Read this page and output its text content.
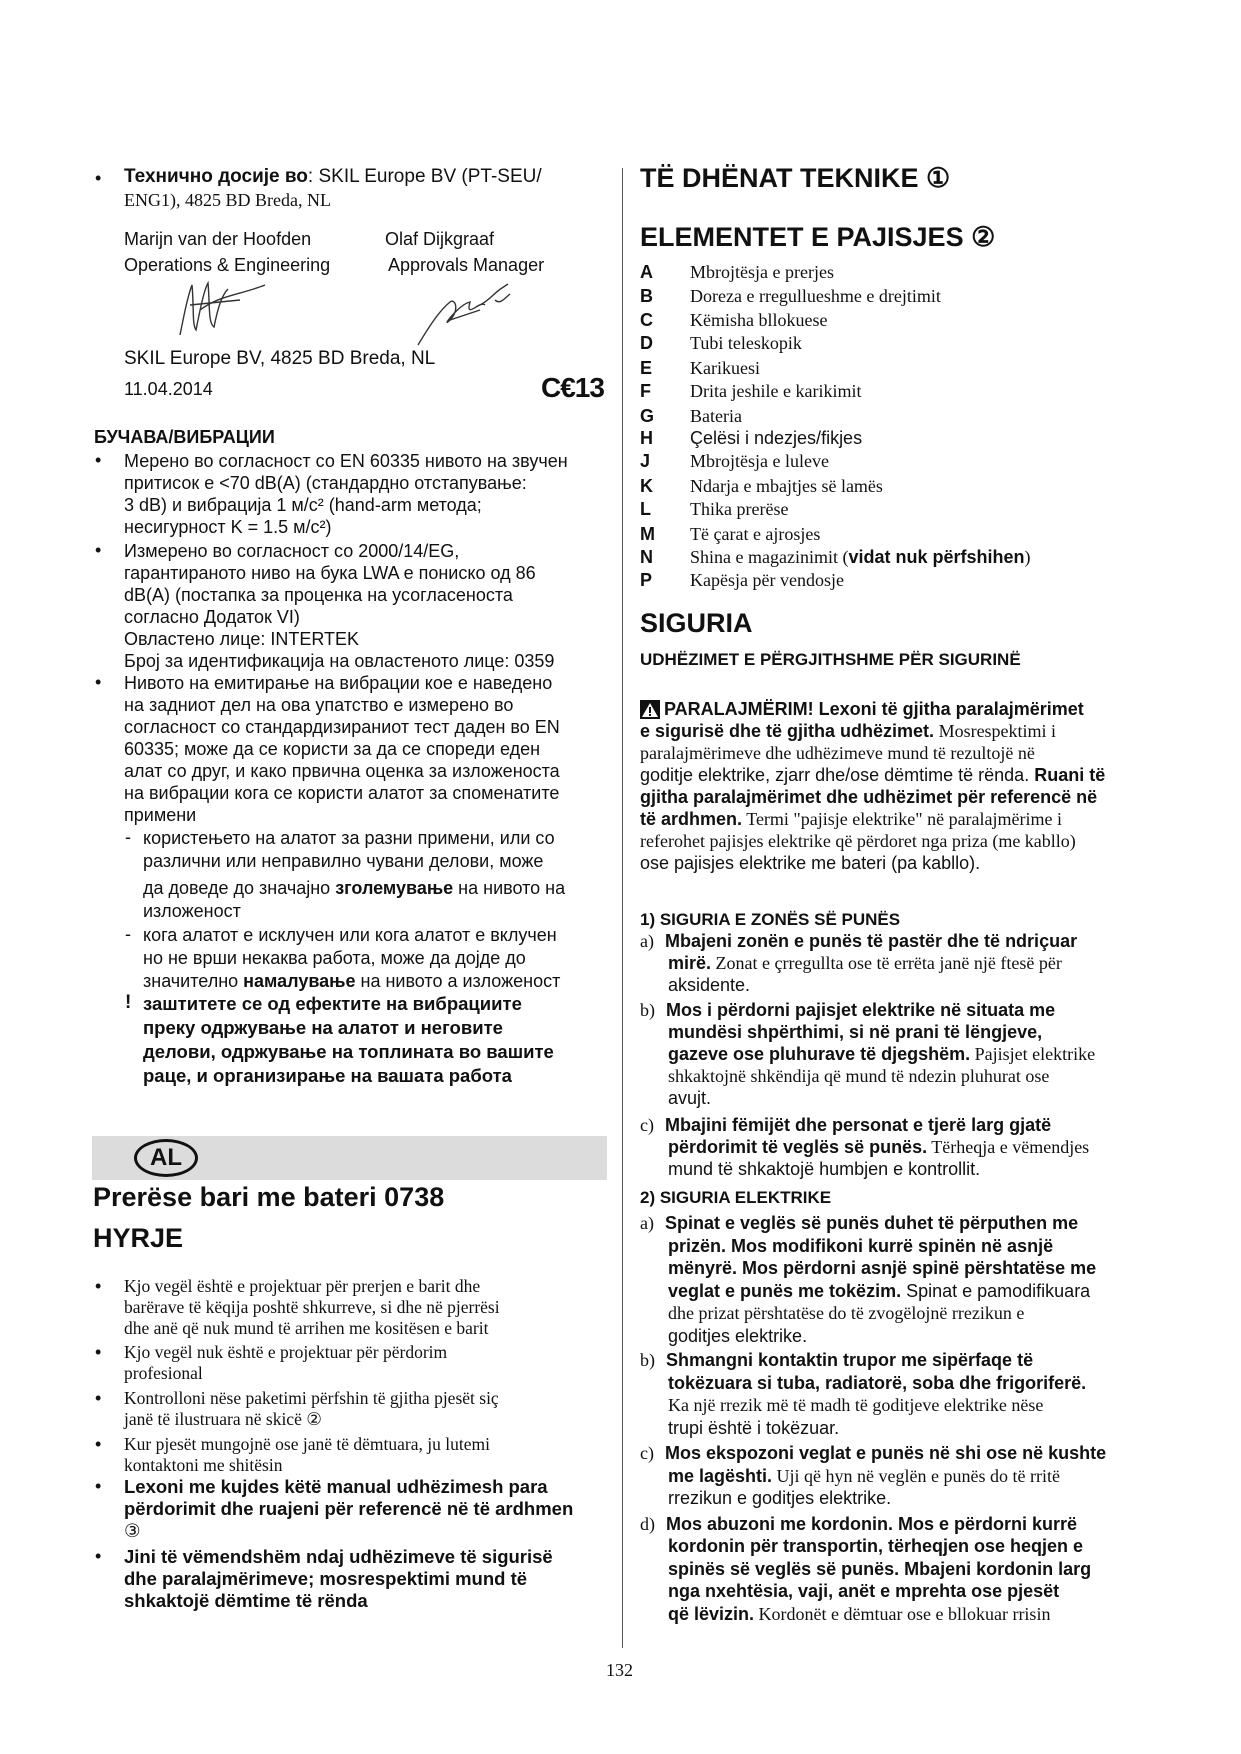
• Технично досије во: SKIL Europe BV (PT-SEU/
ENG1), 4825 BD Breda, NL
Marijn van der Hoofden
Operations & Engineering
Olaf Dijkgraaf
Approvals Manager
SKIL Europe BV, 4825 BD Breda, NL
11.04.2014	C€13
БУЧАВА/ВИБРАЦИИ
• Мерено во согласност со EN 60335 нивото на звучен
притисок е <70 dB(A) (стандардно отстапување:
3 dB) и вибрација 1 м/с² (hand-arm метода;
несигурност K = 1.5 м/с²)
• Измерено во согласност со 2000/14/EG,
гарантираното ниво на бука LWA е пониско од 86
dB(A) (постапка за проценка на усогласеноста
согласно Додаток VI)
Овластено лице: INTERTEK
Број за идентификација на овластеното лице: 0359
• Нивото на емитирање на вибрации кое е наведено
на задниот дел на ова упатство е измерено во
согласност со стандардизираниот тест даден во EN
60335; може да се користи за да се спореди еден
алат со друг, и како првична оценка за изложеноста
на вибрации кога се користи алатот за споменатите
примени
- користењето на алатот за разни примени, или со
различни или неправилно чувани делови, може
да доведе до значајно зголемување на нивото на
изложеност
- кога алатот е исклучен или кога алатот е вклучен
но не врши некаква работа, може да дојде до
значително намалување на нивото а изложеност
! заштитете се од ефектите на вибрациите
преку одржување на алатот и неговите
делови, одржување на топлината во вашите
раце, и организирање на вашата работа
AL
Prerëse bari me bateri 0738
HYRJE
• Kjo vegël është e projektuar për prerjen e barit dhe
barërave të këqija poshtë shkurreve, si dhe në pjerrësi
dhe anë që nuk mund të arrihen me kositësen e barit
• Kjo vegël nuk është e projektuar për përdorim
profesional
• Kontrolloni nëse paketimi përfshin të gjitha pjesët siç
janë të ilustruara në skicë ②
• Kur pjesët mungojnë ose janë të dëmtuara, ju lutemi
kontaktoni me shitësin
• Lexoni me kujdes këtë manual udhëzimesh para
përdorimit dhe ruajeni për referencë në të ardhmen
③
• Jini të vëmendshëm ndaj udhëzimeve të sigurisë
dhe paralajmërimeve; mosrespektimi mund të
shkaktojë dëmtime të rënda
TË DHËNAT TEKNIKE ①
ELEMENTET E PAJISJES ②
A Mbrojtësja e prerjes
B Doreza e rregullueshme e drejtimit
C Këmisha bllokuese
D Tubi teleskopik
E Karikuesi
F Drita jeshile e karikimit
G Bateria
H Çelësi i ndezjes/fikjes
J Mbrojtësja e luleve
K Ndarja e mbajtjes së lamës
L Thika prerëse
M Të çarat e ajrosjes
N Shina e magazinimit (vidat nuk përfshihen)
P Kapësja për vendosje
SIGURIA
UDHËZIMET E PËRGJITHSHME PËR SIGURINË
PARALAJMËRIM! Lexoni të gjitha paralajmërimet
e sigurisë dhe të gjitha udhëzimet. Mosrespektimi i
paralajmërimeve dhe udhëzimeve mund të rezultojë në
goditje elektrike, zjarr dhe/ose dëmtime të rënda. Ruani të
gjitha paralajmërimet dhe udhëzimet për referencë në
të ardhmen. Termi "pajisje elektrike" në paralajmërime i
referohet pajisjes elektrike që përdoret nga priza (me kabllo)
ose pajisjes elektrike me bateri (pa kabllo).
1) SIGURIA E ZONËS SË PUNËS
a) Mbajeni zonën e punës të pastër dhe të ndriçuar
mirë. Zonat e çrregullta ose të errëta janë një ftesë për
aksidente.
b) Mos i përdorni pajisjet elektrike në situata me
mundësi shpërthimi, si në prani të lëngjeve,
gazeve ose pluhurave të djegshëm. Pajisjet elektrike
shkaktojnë shkëndija që mund të ndezin pluhurat ose
avujt.
c) Mbajini fëmijët dhe personat e tjerë larg gjatë
përdorimit të veglës së punës. Tërheqja e vëmendjes
mund të shkaktojë humbjen e kontrollit.
2) SIGURIA ELEKTRIKE
a) Spinat e veglës së punës duhet të përputhen me
prizën. Mos modifikoni kurrë spinën në asnjë
mënyrë. Mos përdorni asnjë spinë përshtatëse me
veglat e punës me tokëzim. Spinat e pamodifikuara
dhe prizat përshtatëse do të zvogëlojnë rrezikun e
goditjes elektrike.
b) Shmangni kontaktin trupor me sipërfaqe të
tokëzuara si tuba, radiatorë, soba dhe frigoriferë.
Ka një rrezik më të madh të goditjeve elektrike nëse
trupi është i tokëzuar.
c) Mos ekspozoni veglat e punës në shi ose në kushte
me lagështi. Uji që hyn në veglën e punës do të rritë
rrezikun e goditjes elektrike.
d) Mos abuzoni me kordonin. Mos e përdorni kurrë
kordonin për transportin, tërheqjen ose heqjen e
spinës së veglës së punës. Mbajeni kordonin larg
nga nxehtësia, vaji, anët e mprehta ose pjesët
që lëvizin. Kordonët e dëmtuar ose e bllokuar rrisin
132
